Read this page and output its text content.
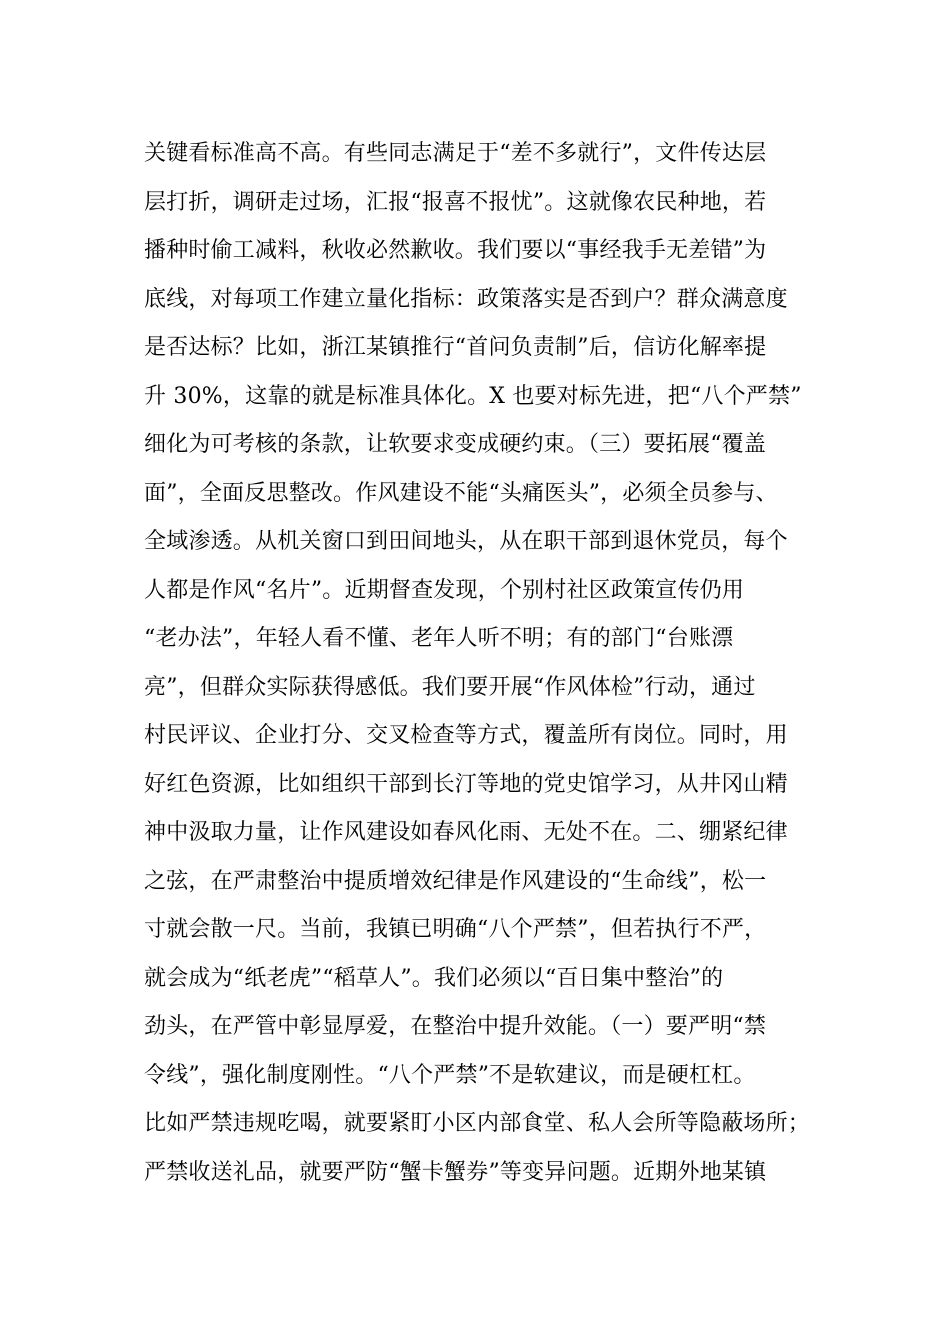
关键看标准高不高。有些同志满足于“差不多就行”，文件传达层
层打折，调研走过场，汇报“报喜不报忧”。这就像农民种地，若
播种时偷工减料，秋收必然歉收。我们要以“事经我手无差错”为
底线，对每项工作建立量化指标：政策落实是否到户？群众满意度
是否达标？比如，浙江某镇推行“首问负责制”后，信访化解率提
升 30%，这靠的就是标准具体化。X 也要对标先进，把“八个严禁”
细化为可考核的条款，让软要求变成硬约束。（三）要拓展“覆盖
面”，全面反思整改。作风建设不能“头痛医头”，必须全员参与、
全域渗透。从机关窗口到田间地头，从在职干部到退休党员，每个
人都是作风“名片”。近期督查发现，个别村社区政策宣传仍用
“老办法”，年轻人看不懂、老年人听不明；有的部门“台账漂
亮”，但群众实际获得感低。我们要开展“作风体检”行动，通过
村民评议、企业打分、交叉检查等方式，覆盖所有岗位。同时，用
好红色资源，比如组织干部到长汀等地的党史馆学习，从井冈山精
神中汲取力量，让作风建设如春风化雨、无处不在。二、绷紧纪律
之弦，在严肃整治中提质增效纪律是作风建设的“生命线”，松一
寸就会散一尺。当前，我镇已明确“八个严禁”，但若执行不严，
就会成为“纸老虎”“稻草人”。我们必须以“百日集中整治”的
劲头，在严管中彰显厚爱，在整治中提升效能。（一）要严明“禁
令线”，强化制度刚性。“八个严禁”不是软建议，而是硬杠杠。
比如严禁违规吃喝，就要紧盯小区内部食堂、私人会所等隐蔽场所；
严禁收送礼品，就要严防“蟹卡蟹券”等变异问题。近期外地某镇
